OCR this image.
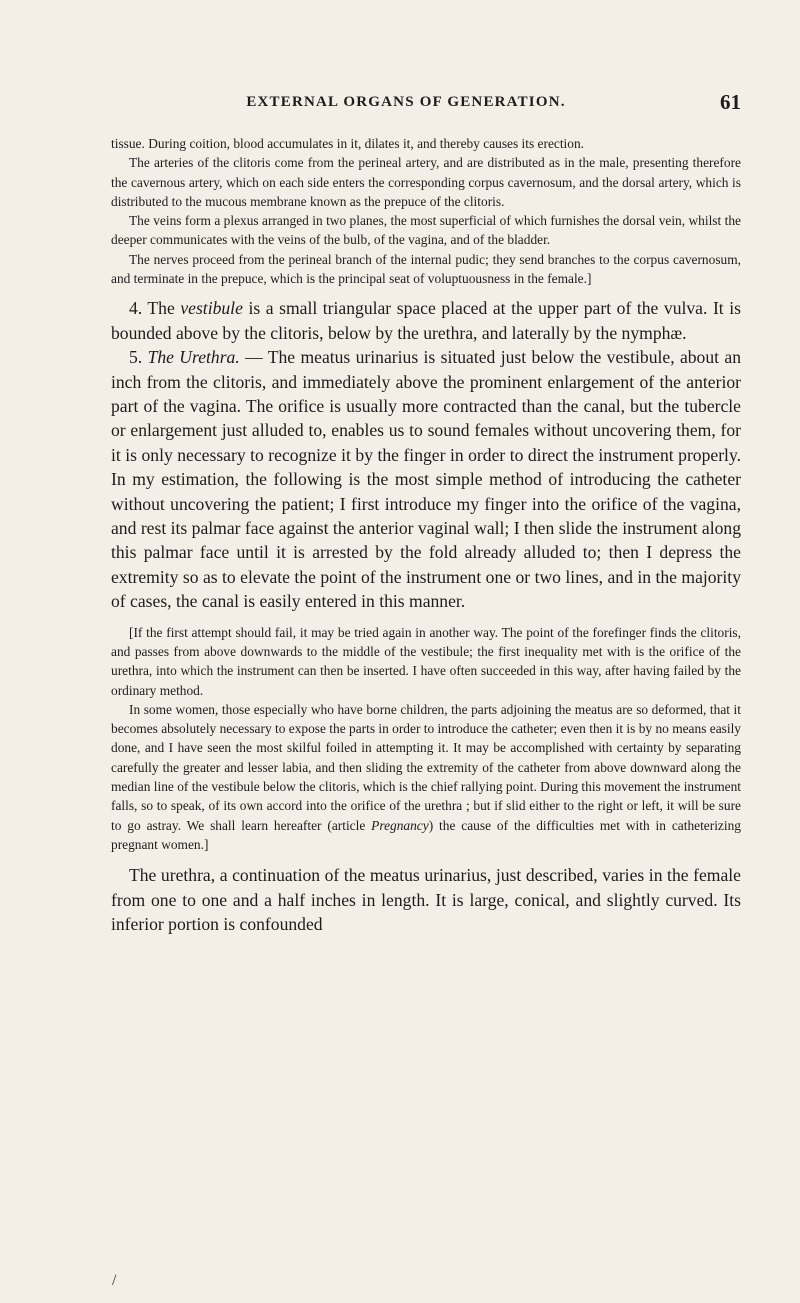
EXTERNAL ORGANS OF GENERATION.	61

tissue. During coition, blood accumulates in it, dilates it, and thereby causes its erection.

The arteries of the clitoris come from the perineal artery, and are distributed as in the male, presenting therefore the cavernous artery, which on each side enters the corresponding corpus cavernosum, and the dorsal artery, which is distributed to the mucous membrane known as the prepuce of the clitoris.

The veins form a plexus arranged in two planes, the most superficial of which furnishes the dorsal vein, whilst the deeper communicates with the veins of the bulb, of the vagina, and of the bladder.

The nerves proceed from the perineal branch of the internal pudic; they send branches to the corpus cavernosum, and terminate in the prepuce, which is the principal seat of voluptuousness in the female.]

4. The vestibule is a small triangular space placed at the upper part of the vulva. It is bounded above by the clitoris, below by the urethra, and laterally by the nymphæ.

5. The Urethra. — The meatus urinarius is situated just below the vestibule, about an inch from the clitoris, and immediately above the prominent enlargement of the anterior part of the vagina. The orifice is usually more contracted than the canal, but the tubercle or enlargement just alluded to, enables us to sound females without uncovering them, for it is only necessary to recognize it by the finger in order to direct the instrument properly. In my estimation, the following is the most simple method of introducing the catheter without uncovering the patient; I first introduce my finger into the orifice of the vagina, and rest its palmar face against the anterior vaginal wall; I then slide the instrument along this palmar face until it is arrested by the fold already alluded to; then I depress the extremity so as to elevate the point of the instrument one or two lines, and in the majority of cases, the canal is easily entered in this manner.

[If the first attempt should fail, it may be tried again in another way. The point of the forefinger finds the clitoris, and passes from above downwards to the middle of the vestibule; the first inequality met with is the orifice of the urethra, into which the instrument can then be inserted. I have often succeeded in this way, after having failed by the ordinary method.

In some women, those especially who have borne children, the parts adjoining the meatus are so deformed, that it becomes absolutely necessary to expose the parts in order to introduce the catheter; even then it is by no means easily done, and I have seen the most skilful foiled in attempting it. It may be accomplished with certainty by separating carefully the greater and lesser labia, and then sliding the extremity of the catheter from above downward along the median line of the vestibule below the clitoris, which is the chief rallying point. During this movement the instrument falls, so to speak, of its own accord into the orifice of the urethra ; but if slid either to the right or left, it will be sure to go astray. We shall learn hereafter (article Pregnancy) the cause of the difficulties met with in catheterizing pregnant women.]

The urethra, a continuation of the meatus urinarius, just described, varies in the female from one to one and a half inches in length. It is large, conical, and slightly curved. Its inferior portion is confounded

/
